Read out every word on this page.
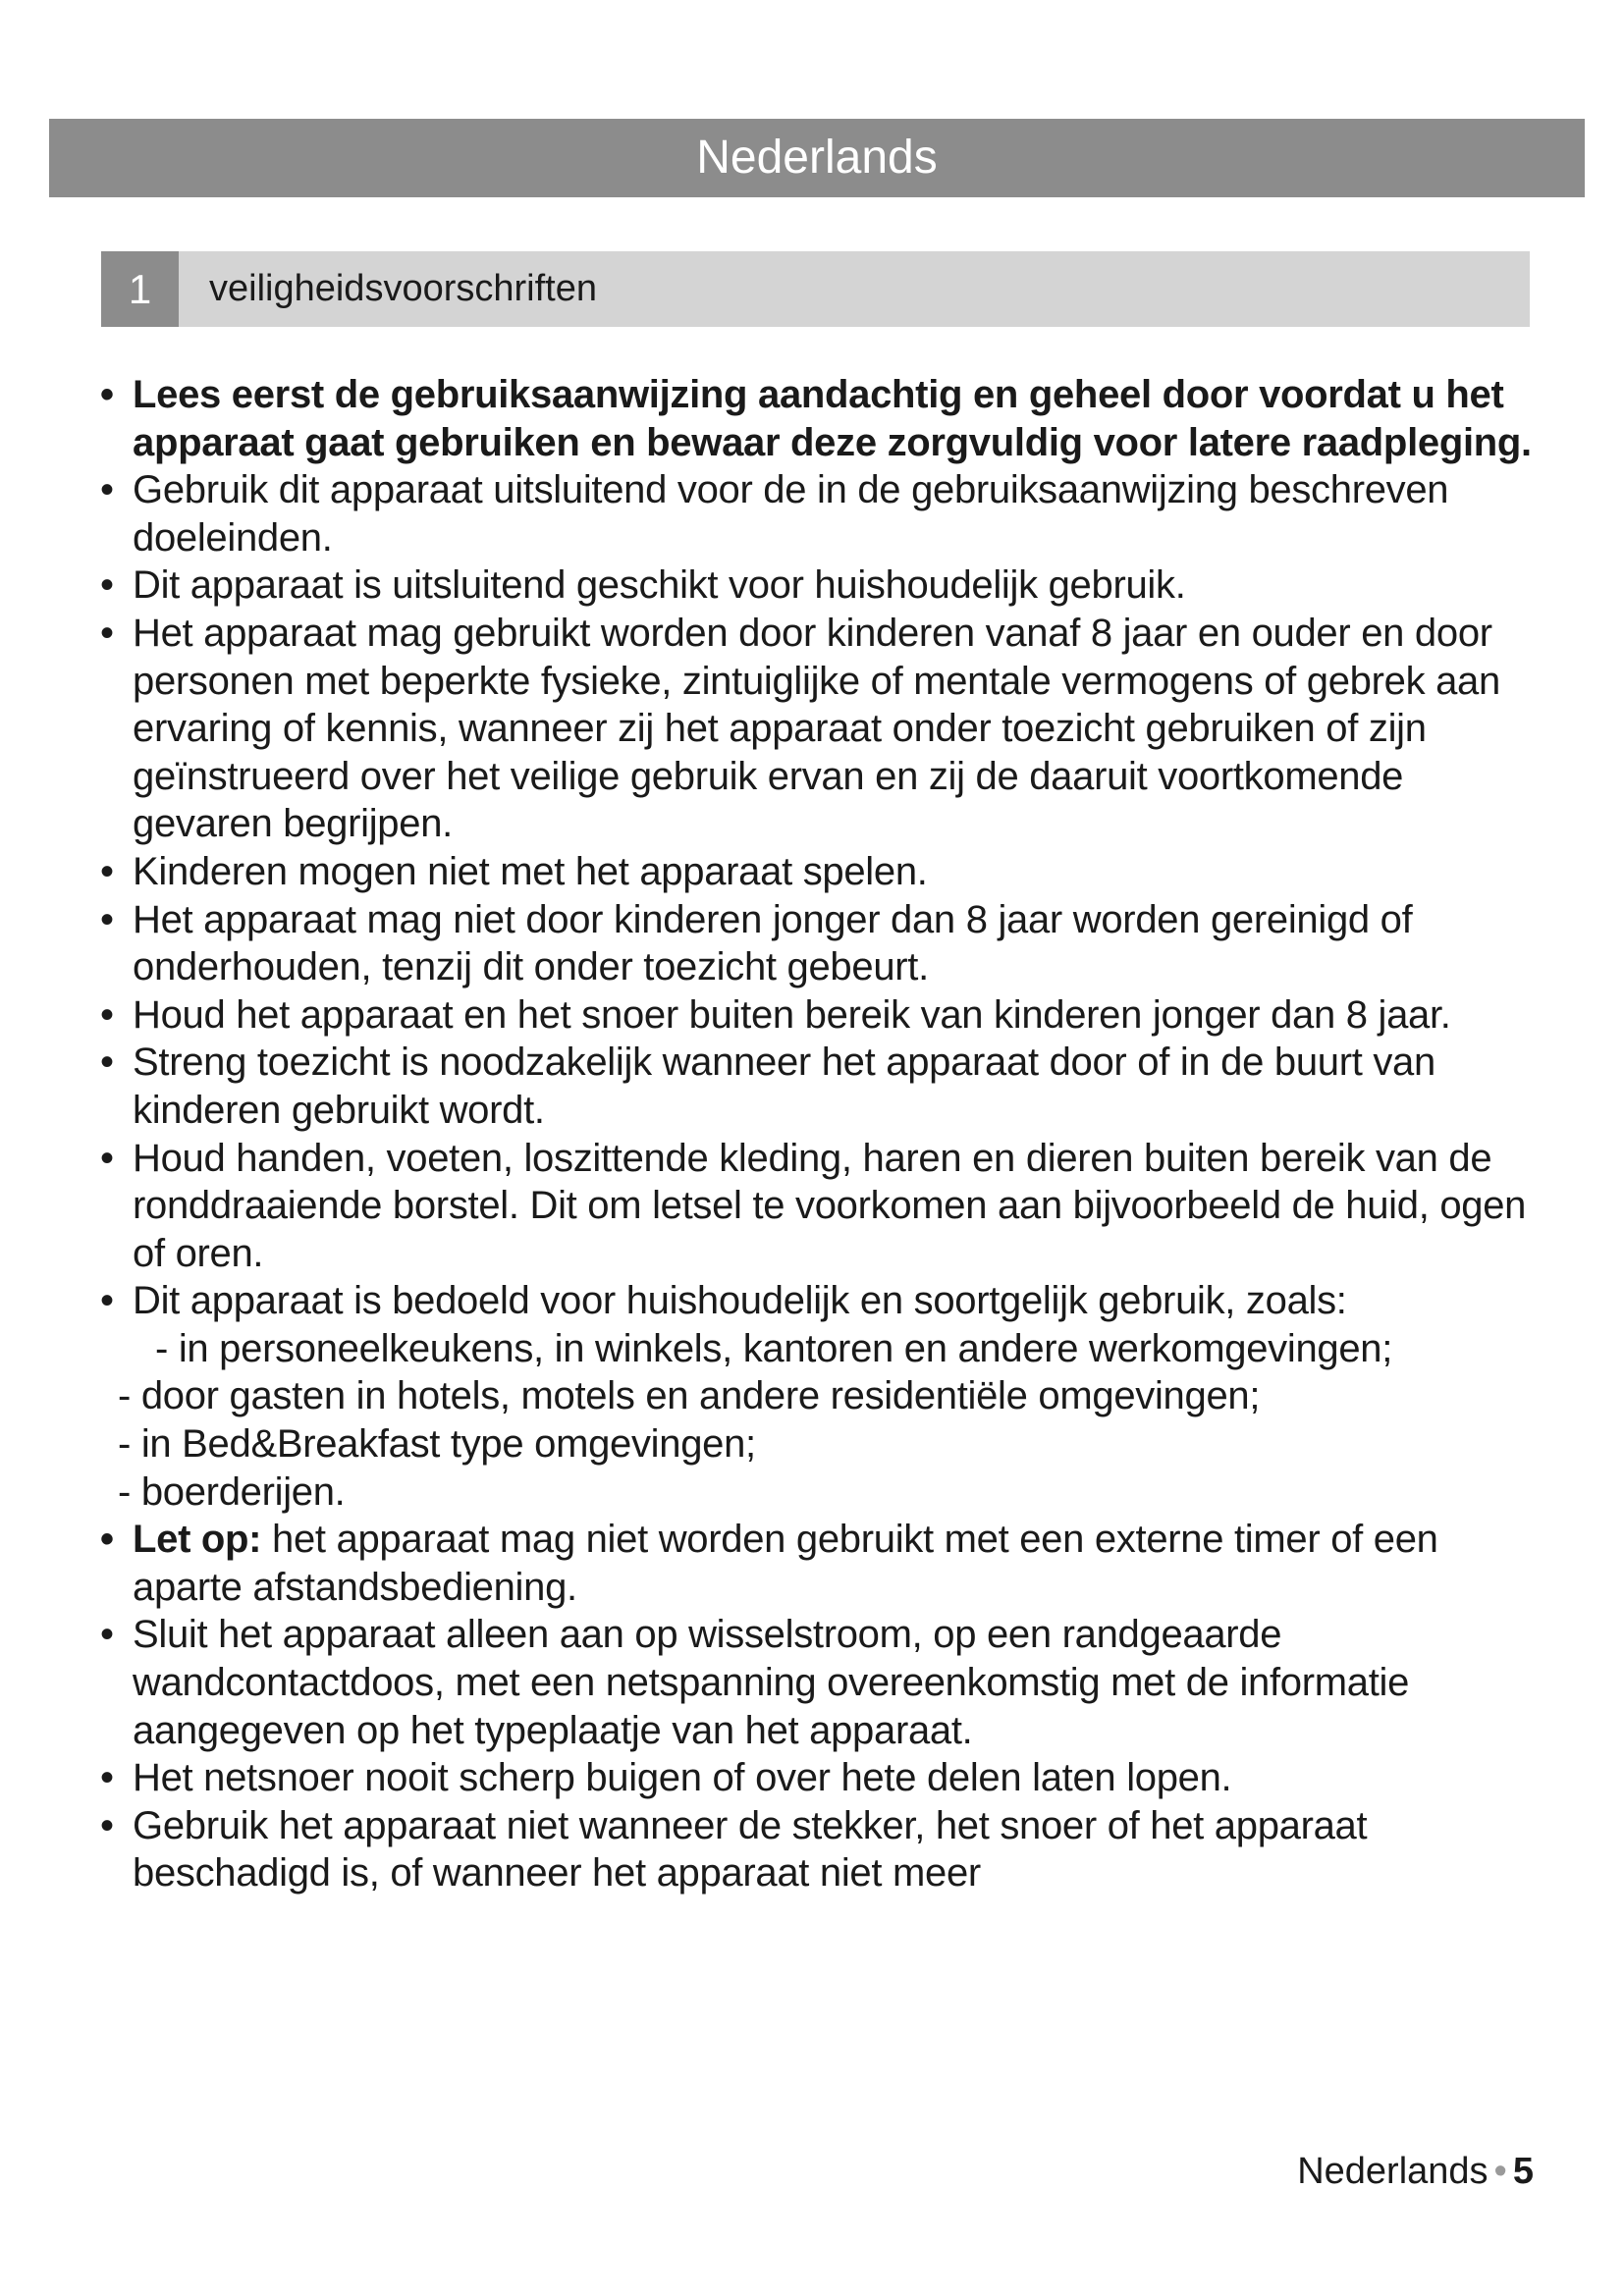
Nederlands
1	veiligheidsvoorschriften

• Lees eerst de gebruiksaanwijzing aandachtig en geheel door voordat u het apparaat gaat gebruiken en bewaar deze zorgvuldig voor latere raadpleging.

• Gebruik dit apparaat uitsluitend voor de in de gebruiksaanwijzing beschreven doeleinden.

• Dit apparaat is uitsluitend geschikt voor huishoudelijk gebruik.

• Het apparaat mag gebruikt worden door kinderen vanaf 8 jaar en ouder en door personen met beperkte fysieke, zintuiglijke of mentale vermogens of gebrek aan ervaring of kennis, wanneer zij het apparaat onder toezicht gebruiken of zijn geïnstrueerd over het veilige gebruik ervan en zij de daaruit voortkomende gevaren begrijpen.

• Kinderen mogen niet met het apparaat spelen.

• Het apparaat mag niet door kinderen jonger dan 8 jaar worden gereinigd of onderhouden, tenzij dit onder toezicht gebeurt.

• Houd het apparaat en het snoer buiten bereik van kinderen jonger dan 8 jaar.

• Streng toezicht is noodzakelijk wanneer het apparaat door of in de buurt van kinderen gebruikt wordt.

• Houd handen, voeten, loszittende kleding, haren en dieren buiten bereik van de ronddraaiende borstel. Dit om letsel te voorkomen aan bijvoorbeeld de huid, ogen of oren.

• Dit apparaat is bedoeld voor huishoudelijk en soortgelijk gebruik, zoals:

- in personeelkeukens, in winkels, kantoren en andere werkomgevingen;

- door gasten in hotels, motels en andere residentiële omgevingen;

- in Bed&Breakfast type omgevingen;

- boerderijen.

• Let op: het apparaat mag niet worden gebruikt met een externe timer of een aparte afstandsbediening.

• Sluit het apparaat alleen aan op wisselstroom, op een randgeaarde wandcontactdoos, met een netspanning overeenkomstig met de informatie aangegeven op het typeplaatje van het apparaat.

• Het netsnoer nooit scherp buigen of over hete delen laten lopen.

• Gebruik het apparaat niet wanneer de stekker, het snoer of het apparaat beschadigd is, of wanneer het apparaat niet meer

Nederlands • 5
